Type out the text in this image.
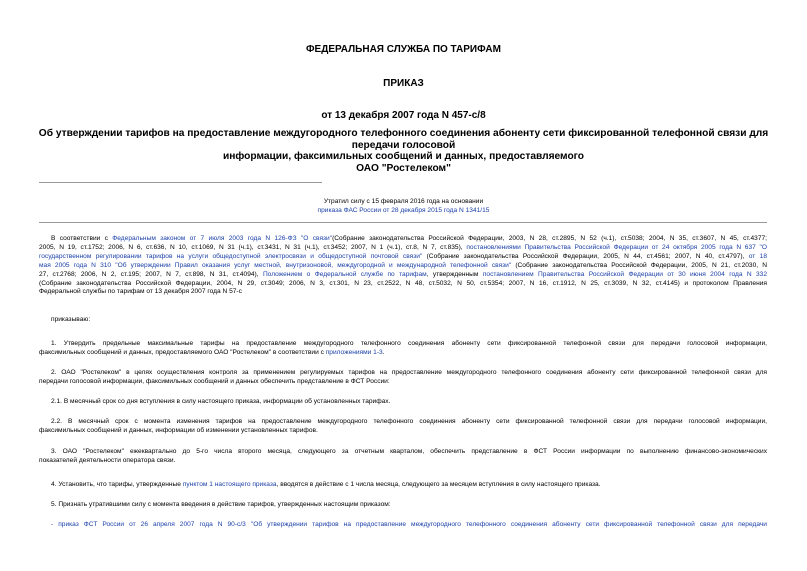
ФЕДЕРАЛЬНАЯ СЛУЖБА ПО ТАРИФАМ
ПРИКАЗ
от 13 декабря 2007 года N 457-с/8
Об утверждении тарифов на предоставление междугородного телефонного соединения абоненту сети фиксированной телефонной связи для передачи голосовой
информации, факсимильных сообщений и данных, предоставляемого
ОАО "Ростелеком"
Утратил силу с 15 февраля 2016 года на основании
приказа ФАС России от 28 декабря 2015 года N 1341/15
В соответствии с Федеральным законом от 7 июля 2003 года N 126-ФЗ "О связи"(Собрание законодательства Российской Федерации, 2003, N 28, ст.2895, N 52 (ч.1), ст.5038; 2004, N 35, ст.3607, N 45, ст.4377;
2005, N 19, ст.1752; 2006, N 6, ст.636, N 10, ст.1069, N 31 (ч.1), ст.3431, N 31 (ч.1), ст.3452; 2007, N 1 (ч.1), ст.8, N 7, ст.835), постановлениями Правительства Российской Федерации от 24 октября 2005 года N 637 "О
государственном регулировании тарифов на услуги общедоступной электросвязи и общедоступной почтовой связи" (Собрание законодательства Российской Федерации, 2005, N 44, ст.4561; 2007, N 40, ст.4797), от 18
мая 2005 года N 310 "Об утверждении Правил оказания услуг местной, внутризоновой, междугородной и международной телефонной связи" (Собрание законодательства Российской Федерации, 2005, N 21, ст.2030, N
27, ст.2768; 2006, N 2, ст.195; 2007, N 7, ст.898, N 31, ст.4094), Положением о Федеральной службе по тарифам, утвержденным постановлением Правительства Российской Федерации от 30 июня 2004 года N 332
(Собрание законодательства Российской Федерации, 2004, N 29, ст.3049; 2006, N 3, ст.301, N 23, ст.2522, N 48, ст.5032, N 50, ст.5354; 2007, N 16, ст.1912, N 25, ст.3039, N 32, ст.4145) и протоколом Правления
Федеральной службы по тарифам от 13 декабря 2007 года N 57-с
приказываю:
1. Утвердить предельные максимальные тарифы на предоставление междугородного телефонного соединения абоненту сети фиксированной телефонной связи для передачи голосовой информации,
факсимильных сообщений и данных, предоставляемого ОАО "Ростелеком" в соответствии с приложениями 1-3.
2. ОАО "Ростелеком" в целях осуществления контроля за применением регулируемых тарифов на предоставление междугородного телефонного соединения абоненту сети фиксированной телефонной связи для
передачи голосовой информации, факсимильных сообщений и данных обеспечить представление в ФСТ России:
2.1. В месячный срок со дня вступления в силу настоящего приказа, информации об установленных тарифах.
2.2. В месячный срок с момента изменения тарифов на предоставление междугородного телефонного соединения абоненту сети фиксированной телефонной связи для передачи голосовой информации,
факсимильных сообщений и данных, информации об изменении установленных тарифов.
3. ОАО "Ростелеком" ежеквартально до 5-го числа второго месяца, следующего за отчетным кварталом, обеспечить представление в ФСТ России информации по выполнению финансово-экономических
показателей деятельности оператора связи.
4. Установить, что тарифы, утвержденные пунктом 1 настоящего приказа, вводятся в действие с 1 числа месяца, следующего за месяцем вступления в силу настоящего приказа.
5. Признать утратившими силу с момента введения в действие тарифов, утвержденных настоящим приказом:
- приказ ФСТ России от 26 апреля 2007 года N 90-с/3 "Об утверждении тарифов на предоставление междугородного телефонного соединения абоненту сети фиксированной телефонной связи для передачи
